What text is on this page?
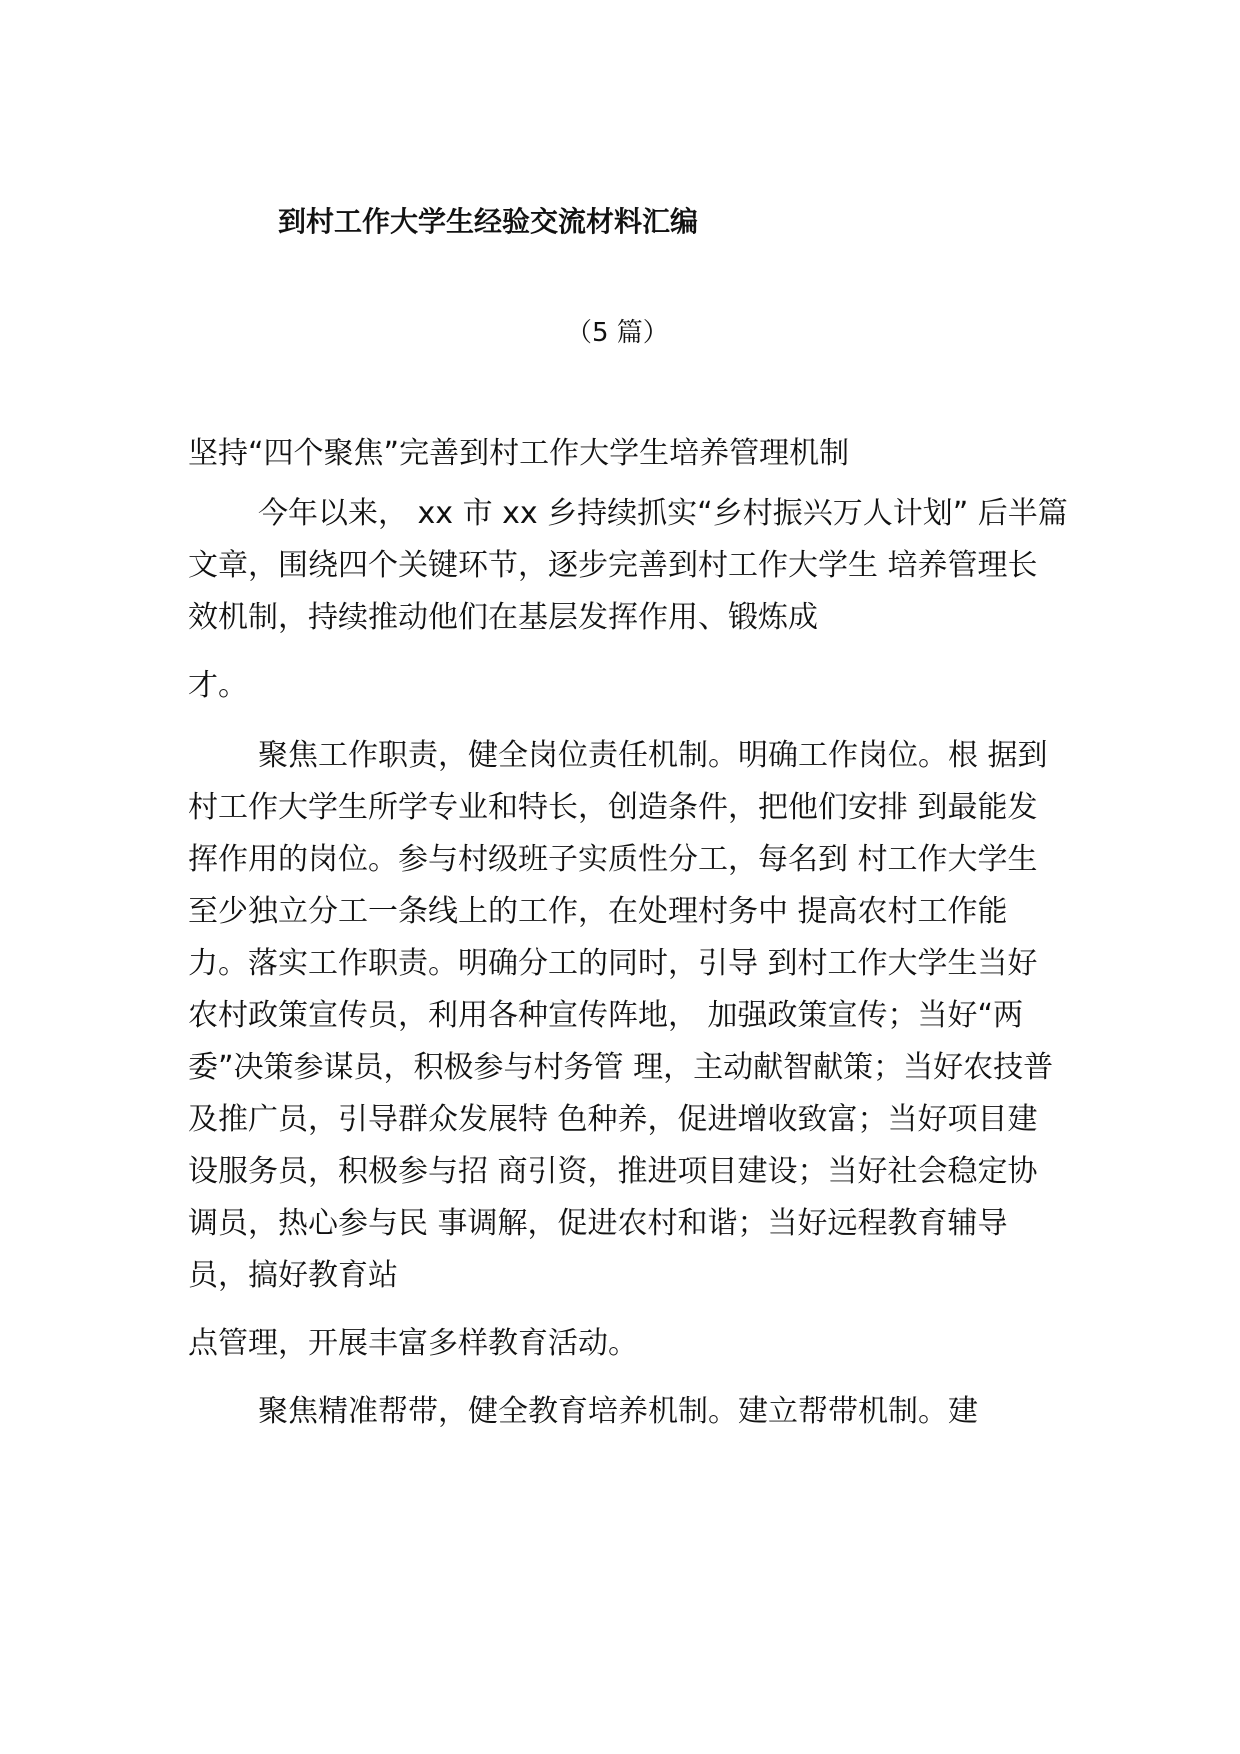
到村工作大学生经验交流材料汇编
（5 篇）
坚持“四个聚焦”完善到村工作大学生培养管理机制
今年以来， xx 市 xx 乡持续抓实“乡村振兴万人计划” 后半篇
文章，围绕四个关键环节，逐步完善到村工作大学生 培养管理长
效机制，持续推动他们在基层发挥作用、锻炼成
才。
聚焦工作职责，健全岗位责任机制。明确工作岗位。根 据到
村工作大学生所学专业和特长，创造条件，把他们安排 到最能发
挥作用的岗位。参与村级班子实质性分工，每名到 村工作大学生
至少独立分工一条线上的工作，在处理村务中 提高农村工作能
力。落实工作职责。明确分工的同时，引导 到村工作大学生当好
农村政策宣传员，利用各种宣传阵地， 加强政策宣传；当好“两
委”决策参谋员，积极参与村务管 理，主动献智献策；当好农技普
及推广员，引导群众发展特 色种养，促进增收致富；当好项目建
设服务员，积极参与招 商引资，推进项目建设；当好社会稳定协
调员，热心参与民 事调解，促进农村和谐；当好远程教育辅导
员，搞好教育站
点管理，开展丰富多样教育活动。
聚焦精准帮带，健全教育培养机制。建立帮带机制。建
